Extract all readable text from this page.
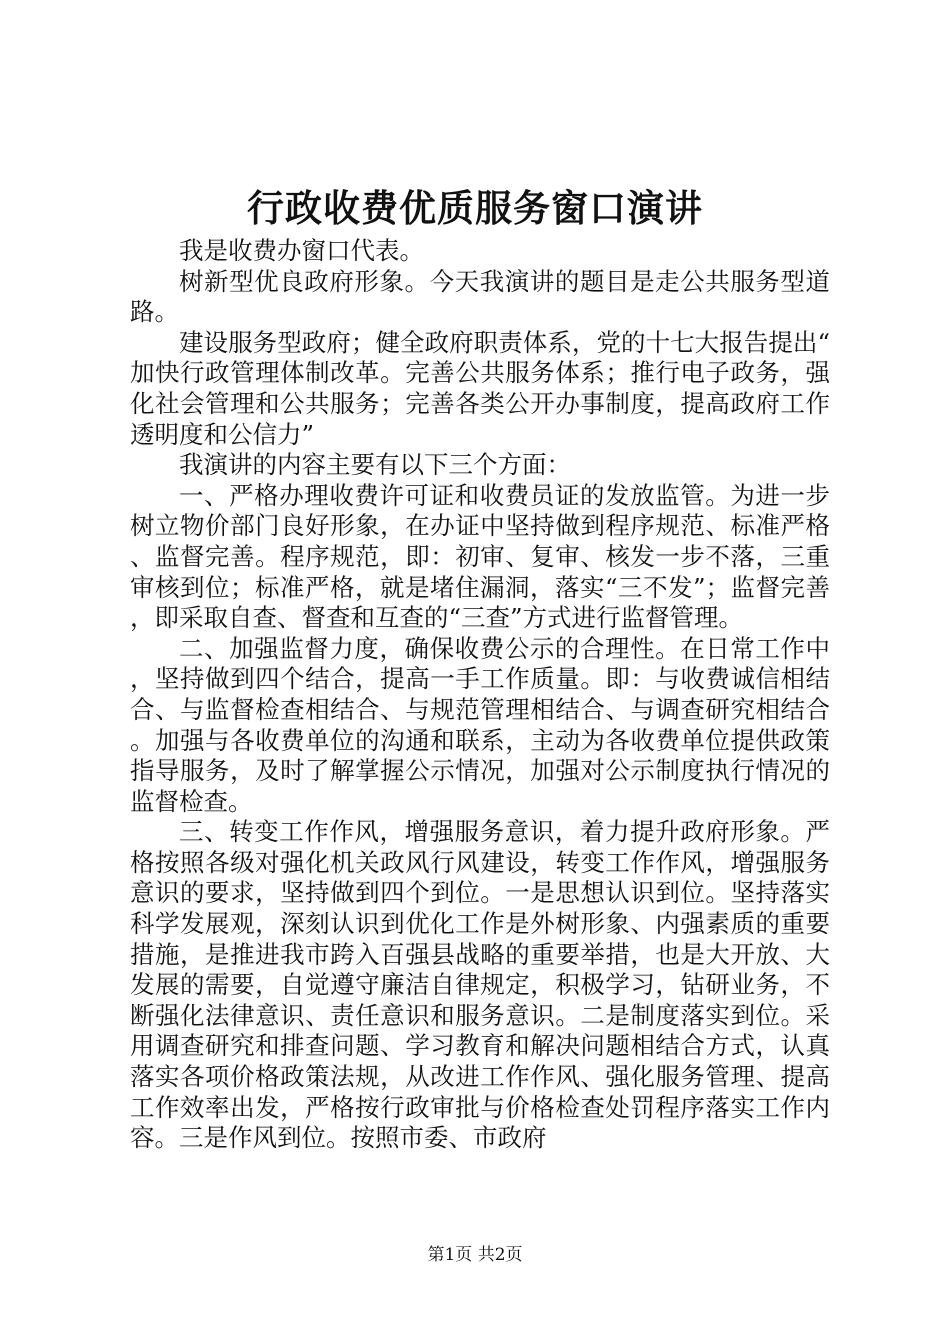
行政收费优质服务窗口演讲

我是收费办窗口代表。

树新型优良政府形象。今天我演讲的题目是走公共服务型道路。

建设服务型政府；健全政府职责体系，党的十七大报告提出“加快行政管理体制改革。完善公共服务体系；推行电子政务，强化社会管理和公共服务；完善各类公开办事制度，提高政府工作透明度和公信力”

我演讲的内容主要有以下三个方面：

一、严格办理收费许可证和收费员证的发放监管。为进一步树立物价部门良好形象，在办证中坚持做到程序规范、标准严格、监督完善。程序规范，即：初审、复审、核发一步不落，三重审核到位；标准严格，就是堵住漏洞，落实“三不发”；监督完善，即采取自查、督查和互查的“三查”方式进行监督管理。

二、加强监督力度，确保收费公示的合理性。在日常工作中，坚持做到四个结合，提高一手工作质量。即：与收费诚信相结合、与监督检查相结合、与规范管理相结合、与调查研究相结合。加强与各收费单位的沟通和联系，主动为各收费单位提供政策指导服务，及时了解掌握公示情况，加强对公示制度执行情况的监督检查。

三、转变工作作风，增强服务意识，着力提升政府形象。严格按照各级对强化机关政风行风建设，转变工作作风，增强服务意识的要求，坚持做到四个到位。一是思想认识到位。坚持落实科学发展观，深刻认识到优化工作是外树形象、内强素质的重要措施，是推进我市跨入百强县战略的重要举措，也是大开放、大发展的需要，自觉遵守廉洁自律规定，积极学习，钻研业务，不断强化法律意识、责任意识和服务意识。二是制度落实到位。采用调查研究和排查问题、学习教育和解决问题相结合方式，认真落实各项价格政策法规，从改进工作作风、强化服务管理、提高工作效率出发，严格按行政审批与价格检查处罚程序落实工作内容。三是作风到位。按照市委、市政府

第1页 共2页
